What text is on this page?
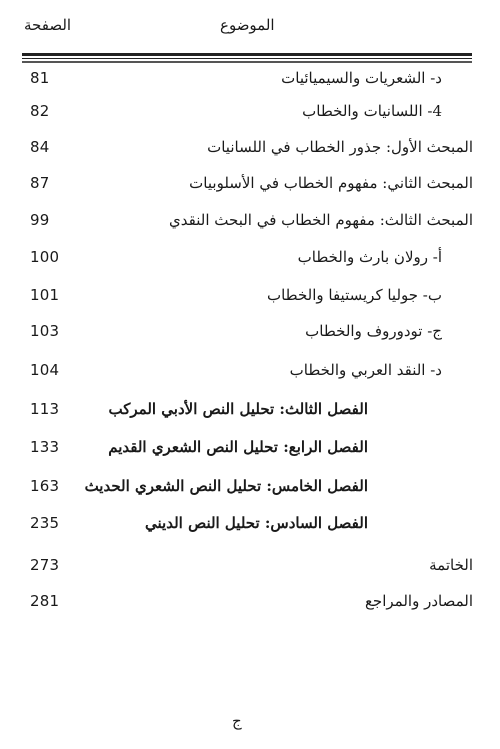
الصفحة	الموضوع
81	د- الشعريات والسيميائيات
82	4- اللسانيات والخطاب
84	المبحث الأول: جذور الخطاب في اللسانيات
87	المبحث الثاني: مفهوم الخطاب في الأسلوبيات
99	المبحث الثالث: مفهوم الخطاب في البحث النقدي
100	أ- رولان بارث والخطاب
101	ب- جوليا كريستيفا والخطاب
103	ج- تودوروف والخطاب
104	د- النقد العربي والخطاب
113	الفصل الثالث: تحليل النص الأدبي المركب
133	الفصل الرابع: تحليل النص الشعري القديم
163 الفصل الخامس: تحليل النص الشعري الحديث
235	الفصل السادس: تحليل النص الديني
273	الخاتمة
281	المصادر والمراجع
ج
